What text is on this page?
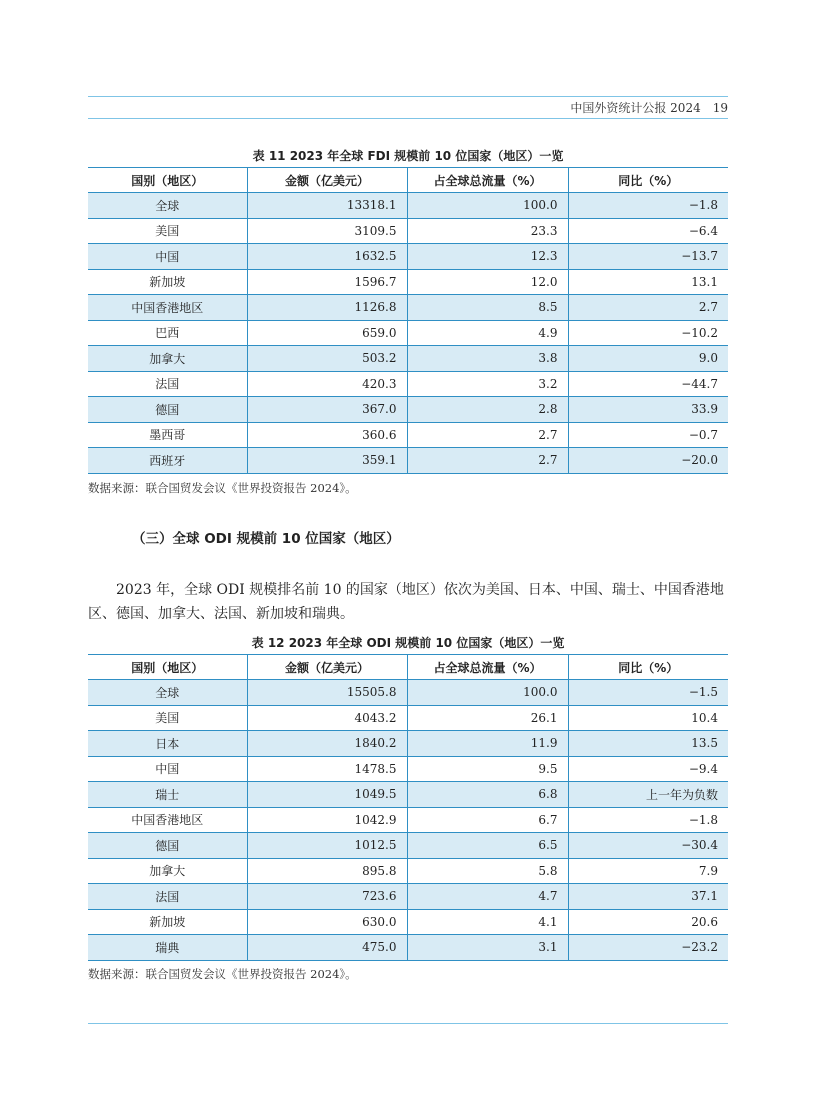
中国外资统计公报 2024 19
表 11 2023 年全球 FDI 规模前 10 位国家（地区）一览
国别（地区）	金额（亿美元）	占全球总流量（%）	同比（%）
全球	13318.1	100.0	−1.8
美国	3109.5	23.3	−6.4
中国	1632.5	12.3	−13.7
新加坡	1596.7	12.0	13.1
中国香港地区	1126.8	8.5	2.7
巴西	659.0	4.9	−10.2
加拿大	503.2	3.8	9.0
法国	420.3	3.2	−44.7
德国	367.0	2.8	33.9
墨西哥	360.6	2.7	−0.7
西班牙	359.1	2.7	−20.0
数据来源：联合国贸发会议《世界投资报告 2024》。
（三）全球 ODI 规模前 10 位国家（地区）

2023 年，全球 ODI 规模排名前 10 的国家（地区）依次为美国、日本、中国、瑞士、中国香港地区、德国、加拿大、法国、新加坡和瑞典。

表 12 2023 年全球 ODI 规模前 10 位国家（地区）一览
国别（地区）	金额（亿美元）	占全球总流量（%）	同比（%）
全球	15505.8	100.0	−1.5
美国	4043.2	26.1	10.4
日本	1840.2	11.9	13.5
中国	1478.5	9.5	−9.4
瑞士	1049.5	6.8	上一年为负数
中国香港地区	1042.9	6.7	−1.8
德国	1012.5	6.5	−30.4
加拿大	895.8	5.8	7.9
法国	723.6	4.7	37.1
新加坡	630.0	4.1	20.6
瑞典	475.0	3.1	−23.2
数据来源：联合国贸发会议《世界投资报告 2024》。
